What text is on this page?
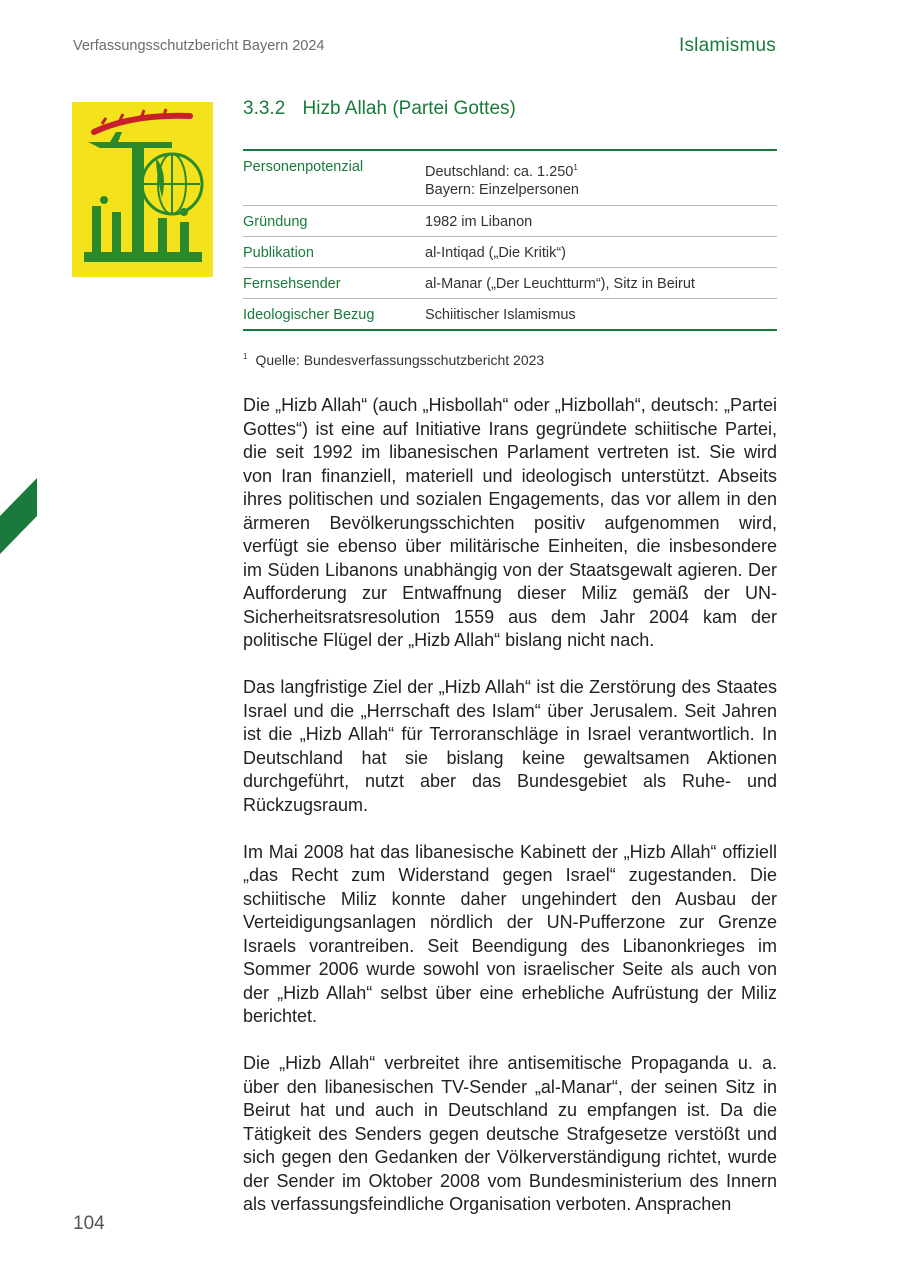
Verfassungsschutzbericht Bayern 2024	Islamismus
3.3.2 Hizb Allah (Partei Gottes)
Personenpotenzial	Deutschland: ca. 1.250$^1$
Bayern: Einzelpersonen
Gründung	1982 im Libanon
Publikation	al-Intiqad („Die Kritik“)
Fernsehsender	al-Manar („Der Leuchtturm“), Sitz in Beirut
Ideologischer Bezug	Schiitischer Islamismus
$^1$ Quelle: Bundesverfassungsschutzbericht 2023

Die „Hizb Allah“ (auch „Hisbollah“ oder „Hizbollah“, deutsch: „Partei Gottes“) ist eine auf Initiative Irans gegründete schiitische Partei, die seit 1992 im libanesischen Parlament vertreten ist. Sie wird von Iran finanziell, materiell und ideologisch unterstützt. Abseits ihres politischen und sozialen Engagements, das vor allem in den ärmeren Bevölkerungsschichten positiv aufgenommen wird, verfügt sie ebenso über militärische Einheiten, die insbesondere im Süden Libanons unabhängig von der Staatsgewalt agieren. Der Aufforderung zur Entwaffnung dieser Miliz gemäß der UN-Sicherheitsratsresolution 1559 aus dem Jahr 2004 kam der politische Flügel der „Hizb Allah“ bislang nicht nach.

Das langfristige Ziel der „Hizb Allah“ ist die Zerstörung des Staates Israel und die „Herrschaft des Islam“ über Jerusalem. Seit Jahren ist die „Hizb Allah“ für Terroranschläge in Israel verantwortlich. In Deutschland hat sie bislang keine gewaltsamen Aktionen durchgeführt, nutzt aber das Bundesgebiet als Ruhe- und Rückzugsraum.

Im Mai 2008 hat das libanesische Kabinett der „Hizb Allah“ offiziell „das Recht zum Widerstand gegen Israel“ zugestanden. Die schiitische Miliz konnte daher ungehindert den Ausbau der Verteidigungsanlagen nördlich der UN-Pufferzone zur Grenze Israels vorantreiben. Seit Beendigung des Libanonkrieges im Sommer 2006 wurde sowohl von israelischer Seite als auch von der „Hizb Allah“ selbst über eine erhebliche Aufrüstung der Miliz berichtet.

Die „Hizb Allah“ verbreitet ihre antisemitische Propaganda u. a. über den libanesischen TV-Sender „al-Manar“, der seinen Sitz in Beirut hat und auch in Deutschland zu empfangen ist. Da die Tätigkeit des Senders gegen deutsche Strafgesetze verstößt und sich gegen den Gedanken der Völkerverständigung richtet, wurde der Sender im Oktober 2008 vom Bundesministerium des Innern als verfassungsfeindliche Organisation verboten. Ansprachen

104
